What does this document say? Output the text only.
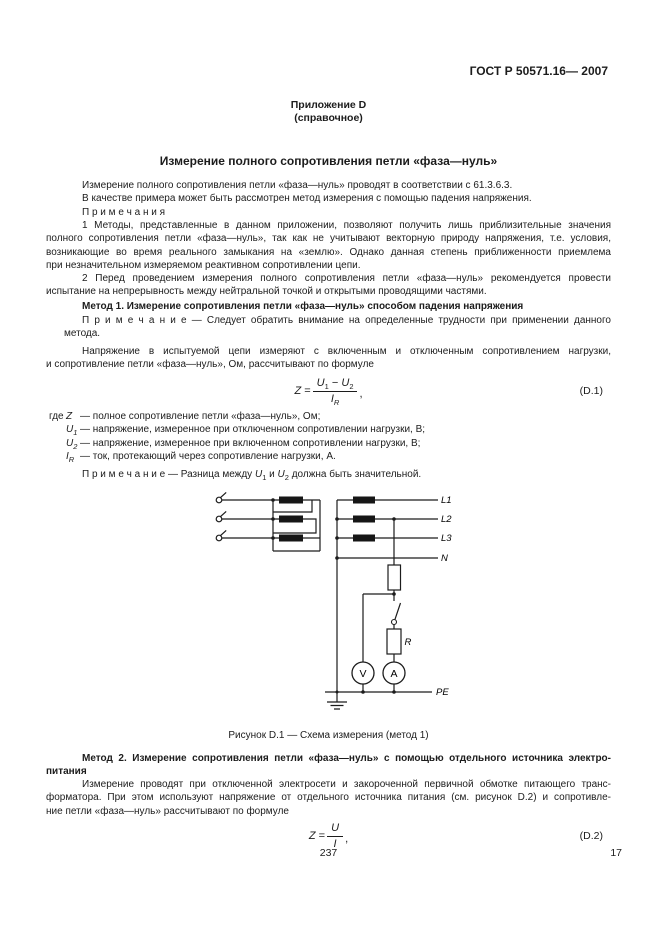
ГОСТ Р 50571.16— 2007
Приложение D
(справочное)
Измерение полного сопротивления петли «фаза—нуль»
Измерение полного сопротивления петли «фаза—нуль» проводят в соответствии с 61.3.6.3.
В качестве примера может быть рассмотрен метод измерения с помощью падения напряжения.
П р и м е ч а н и я
1 Методы, представленные в данном приложении, позволяют получить лишь приблизительные значения
полного сопротивления петли «фаза—нуль», так как не учитывают векторную природу напряжения, т.е. условия,
возникающие во время реального замыкания на «землю». Однако данная степень приближенности приемлема
при незначительном измеряемом реактивном сопротивлении цепи.
2 Перед проведением измерения полного сопротивления петли «фаза—нуль» рекомендуется провести
испытание на непрерывность между нейтральной точкой и открытыми проводящими частями.
Метод 1. Измерение сопротивления петли «фаза—нуль» способом падения напряжения
П р и м е ч а н и е — Следует обратить внимание на определенные трудности при применении данного
метода.
Напряжение в испытуемой цепи измеряют с включенным и отключенным сопротивлением нагрузки,
и сопротивление петли «фаза—нуль», Ом, рассчитывают по формуле
Z
= $\frac{U_1 - U_2}{I_R}$ ,	(D.1)
где Z — полное сопротивление петли «фаза—нуль», Ом;
$U_1$ — напряжение, измеренное при отключенном сопротивлении нагрузки, В;
$U_2$ — напряжение, измеренное при включенном сопротивлении нагрузки, В;
$I_R$ — ток, протекающий через сопротивление нагрузки, А.
П р и м е ч а н и е — Разница между $U_1$ и $U_2$ должна быть значительной.
L1
L2
L3
N
PE
R
V A
Рисунок D.1 — Схема измерения (метод 1)
Метод 2. Измерение сопротивления петли «фаза—нуль» с помощью отдельного источника электро-
питания
Измерение проводят при отключенной электросети и закороченной первичной обмотке питающего транс-
форматора. При этом используют напряжение от отдельного источника питания (см. рисунок D.2) и сопротивле-
ние петли «фаза—нуль» рассчитывают по формуле
Z
= $\frac{U}{I}$ ,	(D.2)
237	17
